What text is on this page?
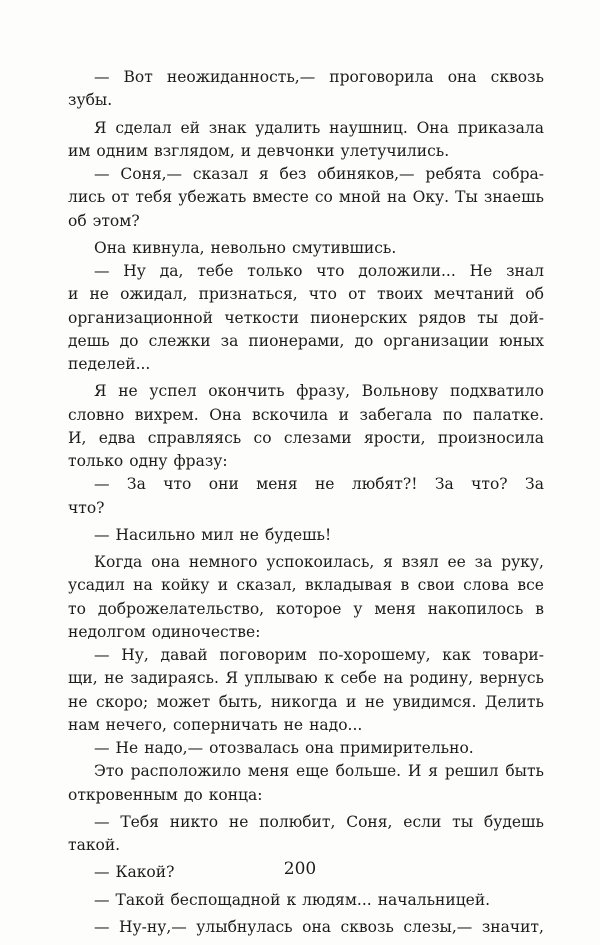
— Вот неожиданность,— проговорила она сквозь
зубы.
Я сделал ей знак удалить наушниц. Она приказала
им одним взглядом, и девчонки улетучились.
— Соня,— сказал я без обиняков,— ребята собра-
лись от тебя убежать вместе со мной на Оку. Ты знаешь
об этом?
Она кивнула, невольно смутившись.
— Ну да, тебе только что доложили... Не знал
и не ожидал, признаться, что от твоих мечтаний об
организационной четкости пионерских рядов ты дой-
дешь до слежки за пионерами, до организации юных
педелей...
Я не успел окончить фразу, Вольнову подхватило
словно вихрем. Она вскочила и забегала по палатке.
И, едва справляясь со слезами ярости, произносила
только одну фразу:
— За что они меня не любят?! За что? За
что?
— Насильно мил не будешь!
Когда она немного успокоилась, я взял ее за руку,
усадил на койку и сказал, вкладывая в свои слова все
то доброжелательство, которое у меня накопилось в
недолгом одиночестве:
— Ну, давай поговорим по-хорошему, как товари-
щи, не задираясь. Я уплываю к себе на родину, вернусь
не скоро; может быть, никогда и не увидимся. Делить
нам нечего, соперничать не надо...
— Не надо,— отозвалась она примирительно.
Это расположило меня еще больше. И я решил быть
откровенным до конца:
— Тебя никто не полюбит, Соня, если ты будешь
такой.
— Какой?
— Такой беспощадной к людям... начальницей.
— Ну-ну,— улыбнулась она сквозь слезы,— значит,
200
